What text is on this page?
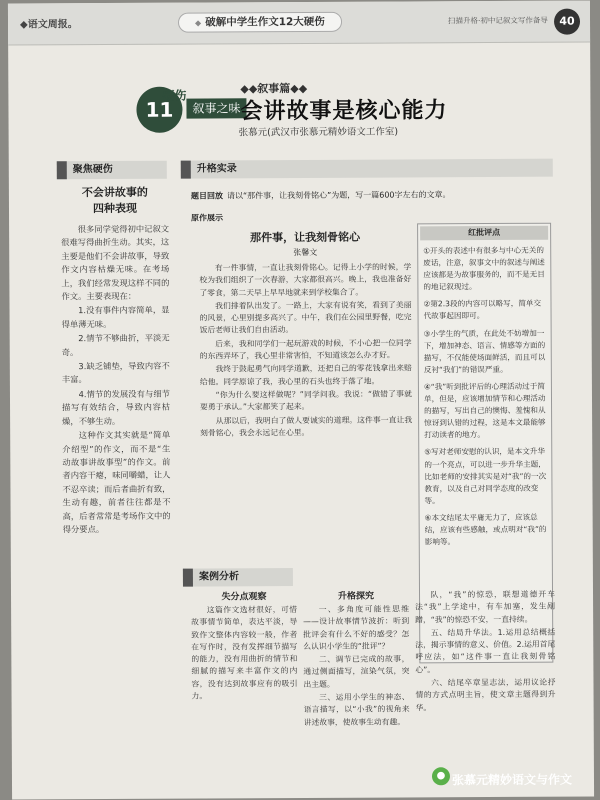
◆语文周报。
◆	破解中学生作文12大硬伤	扫描升格·初中记叙文写作备导	40
11
硬伤
叙事之味
◆◆叙事篇◆◆
会讲故事是核心能力
张慕元(武汉市张慕元精妙语文工作室)
聚焦硬伤
不会讲故事的
四种表现

很多同学觉得初中记叙文很难写得曲折生动。其实，这主要是他们不会讲故事，导致作文内容枯燥无味。在考场上，我们经常发现这样不同的作文。主要表现在：

1.没有事件内容简单，显得单薄无味。

2.情节不够曲折，平淡无奇。

3.缺乏铺垫，导致内容不丰富。

4.情节的发展没有与细节描写有效结合，导致内容枯燥，不够生动。

这种作文其实就是“简单介绍型”的作文，而不是“生动故事讲故事型”的作文。前者内容干瘪，味同嚼蜡，让人不忍卒读；而后者曲折有致，生动有趣，前者往往都是不高，后者常常是考场作文中的得分要点。

升格实录
题目回放 请以“那件事，让我刻骨铭心”为题，写一篇600字左右的文章。
原作展示
那件事，让我刻骨铭心
张馨文

有一件事情，一直让我刻骨铭心。记得上小学的时候，学校为我们组织了一次春游，大家都很高兴。晚上，我也准备好了零食，第二天早上早早地就来到学校集合了。

我们排着队出发了。一路上，大家有说有笑，看到了美丽的风景，心里别提多高兴了。中午，我们在公园里野餐，吃完饭后老师让我们自由活动。

后来，我和同学们一起玩游戏的时候，不小心把一位同学的东西弄坏了，我心里非常害怕，不知道该怎么办才好。

我终于鼓起勇气向同学道歉，还把自己的零花钱拿出来赔给他。同学原谅了我，我心里的石头也终于落了地。

“你为什么要这样做呢？”同学问我。我说：“做错了事就要勇于承认。”大家都笑了起来。

从那以后，我明白了做人要诚实的道理。这件事一直让我刻骨铭心，我会永远记在心里。

红批评点

①开头的表述中有很多与中心无关的废话，注意，叙事文中的叙述与阐述应该都是为故事服务的，而不是无目的地记叙现过。

②第2.3段的内容可以略写，简单交代故事起因即可。

③小学生的气质，在此处不妨增加一下，增加神态、语言、情感等方面的描写，不仅能使场面鲜活，而且可以反衬“我们”的错误严重。

④“我”听到批评后的心理活动过于简单，但是，应该增加情节和心理活动的描写，写出自己的懊悔、羞愧和从惊讶到认错的过程，这是本文最能够打动读者的地方。

⑤写对老师安慰的认识，是本文升华的一个亮点，可以进一步升华主题，比如老师的安排其实是对“我”的一次教育，以及自己对同学态度的改变等。

⑥本文结尾太平庸无力了，应该总结，应该有些感触，或点明对“我”的影响等。

案例分析
失分点观察

这篇作文选材很好，可惜故事情节简单，表达平淡，导致作文整体内容较一般，作者在写作时，没有发挥细节描写的能力，没有用曲折的情节和细腻的描写来丰富作文的内容，没有达到故事应有的吸引力。

升格探究

一、多角度可能性思维——设计故事情节波折：听到批评会有什么不好的感受？怎么认识小学生的“批评”？

二、调节已完成的故事，通过侧面描写，渲染气氛，突出主题。

三、运用小学生的神态、语言描写，以“小我”的视角来讲述故事，使故事生动有趣。

队，“我”的惊恐，联想道德开车法“我”上学途中，有车加塞，发生剐蹭，“我”的惊恐不安，一直持续。

五、结局升华法。1.运用总结概括法，揭示事情的意义、价值。2.运用首尾呼应法，如“这件事一直让我刻骨铭心”。

六、结尾卒章显志法，运用议论抒情的方式点明主旨，使文章主题得到升华。

● 张慕元精妙语文与作文
